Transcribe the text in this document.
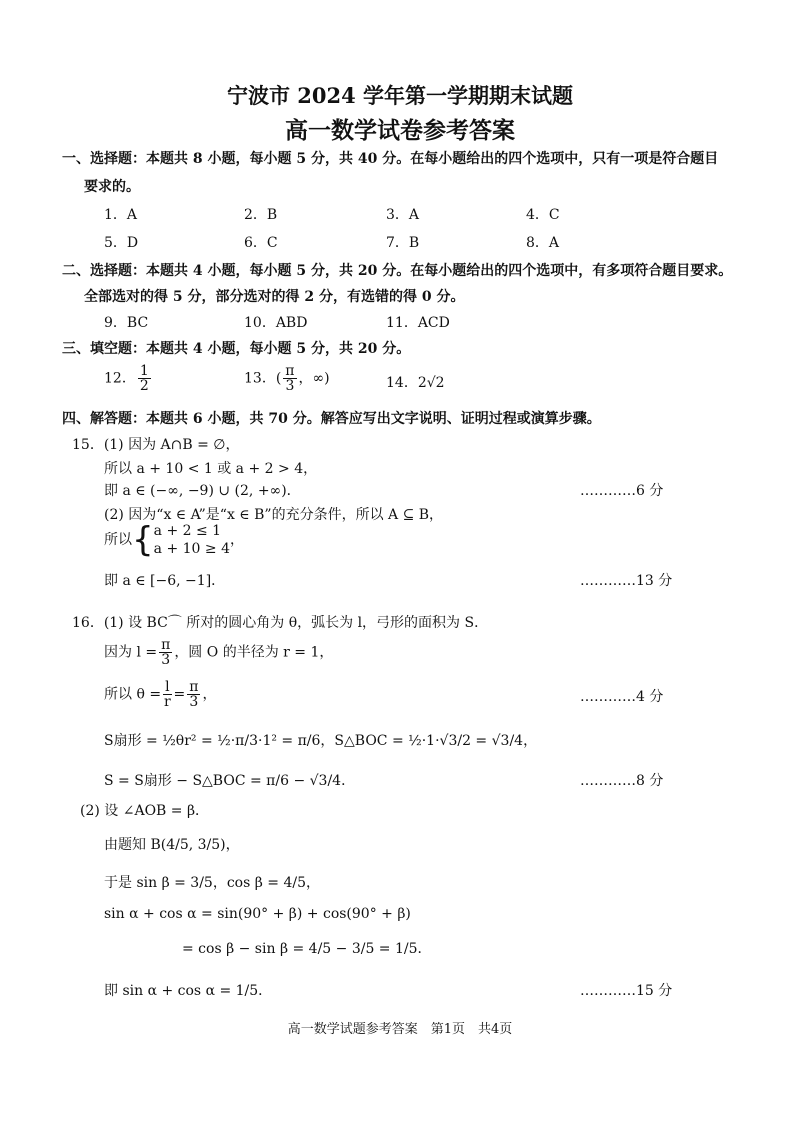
宁波市 2024 学年第一学期期末试题
高一数学试卷参考答案
一、选择题：本题共 8 小题，每小题 5 分，共 40 分。在每小题给出的四个选项中，只有一项是符合题目
要求的。
1．A	2．B	3．A	4．C
5．D	6．C	7．B	8．A
二、选择题：本题共 4 小题，每小题 5 分，共 20 分。在每小题给出的四个选项中，有多项符合题目要求。
全部选对的得 5 分，部分选对的得 2 分，有选错的得 0 分。
9．BC	10．ABD	11．ACD
三、填空题：本题共 4 小题，每小题 5 分，共 20 分。
12． $\frac{1}{2}$	13．( $\frac{\pi}{3}$ ，∞)	14．2√2
四、解答题：本题共 6 小题，共 70 分。解答应写出文字说明、证明过程或演算步骤。
15．(1) 因为 A∩B = ∅，
所以 a + 10 < 1 或 a + 2 > 4，
即 a ∈ (−∞, −9) ∪ (2, +∞)．	…………6 分
(2) 因为“x ∈ A”是“x ∈ B”的充分条件，所以 A ⊆ B，
所以{ a + 2 ≤ 1
a + 10 ≥ 4
，
即 a ∈ [−6, −1]．	…………13 分
16．(1) 设 BC⌒ 所对的圆心角为 θ，弧长为 l，弓形的面积为 S．
因为 $l = \frac{\pi}{3}$ ，圆 O 的半径为 r = 1，
所以 $\theta = \frac{l}{r} = \frac{\pi}{3}$ ，	…………4 分
S扇形 = ½θr² = ½·π/3·1² = π/6，S△BOC = ½·1·√3/2 = √3/4，
S = S扇形 − S△BOC = π/6 − √3/4．	…………8 分
(2) 设 ∠AOB = β．
由题知 B(4/5, 3/5)，
于是 sin β = 3/5，cos β = 4/5，
sin α + cos α = sin(90° + β) + cos(90° + β)
= cos β − sin β = 4/5 − 3/5 = 1/5．
即 sin α + cos α = 1/5．	…………15 分
高一数学试题参考答案　第1页　共4页
